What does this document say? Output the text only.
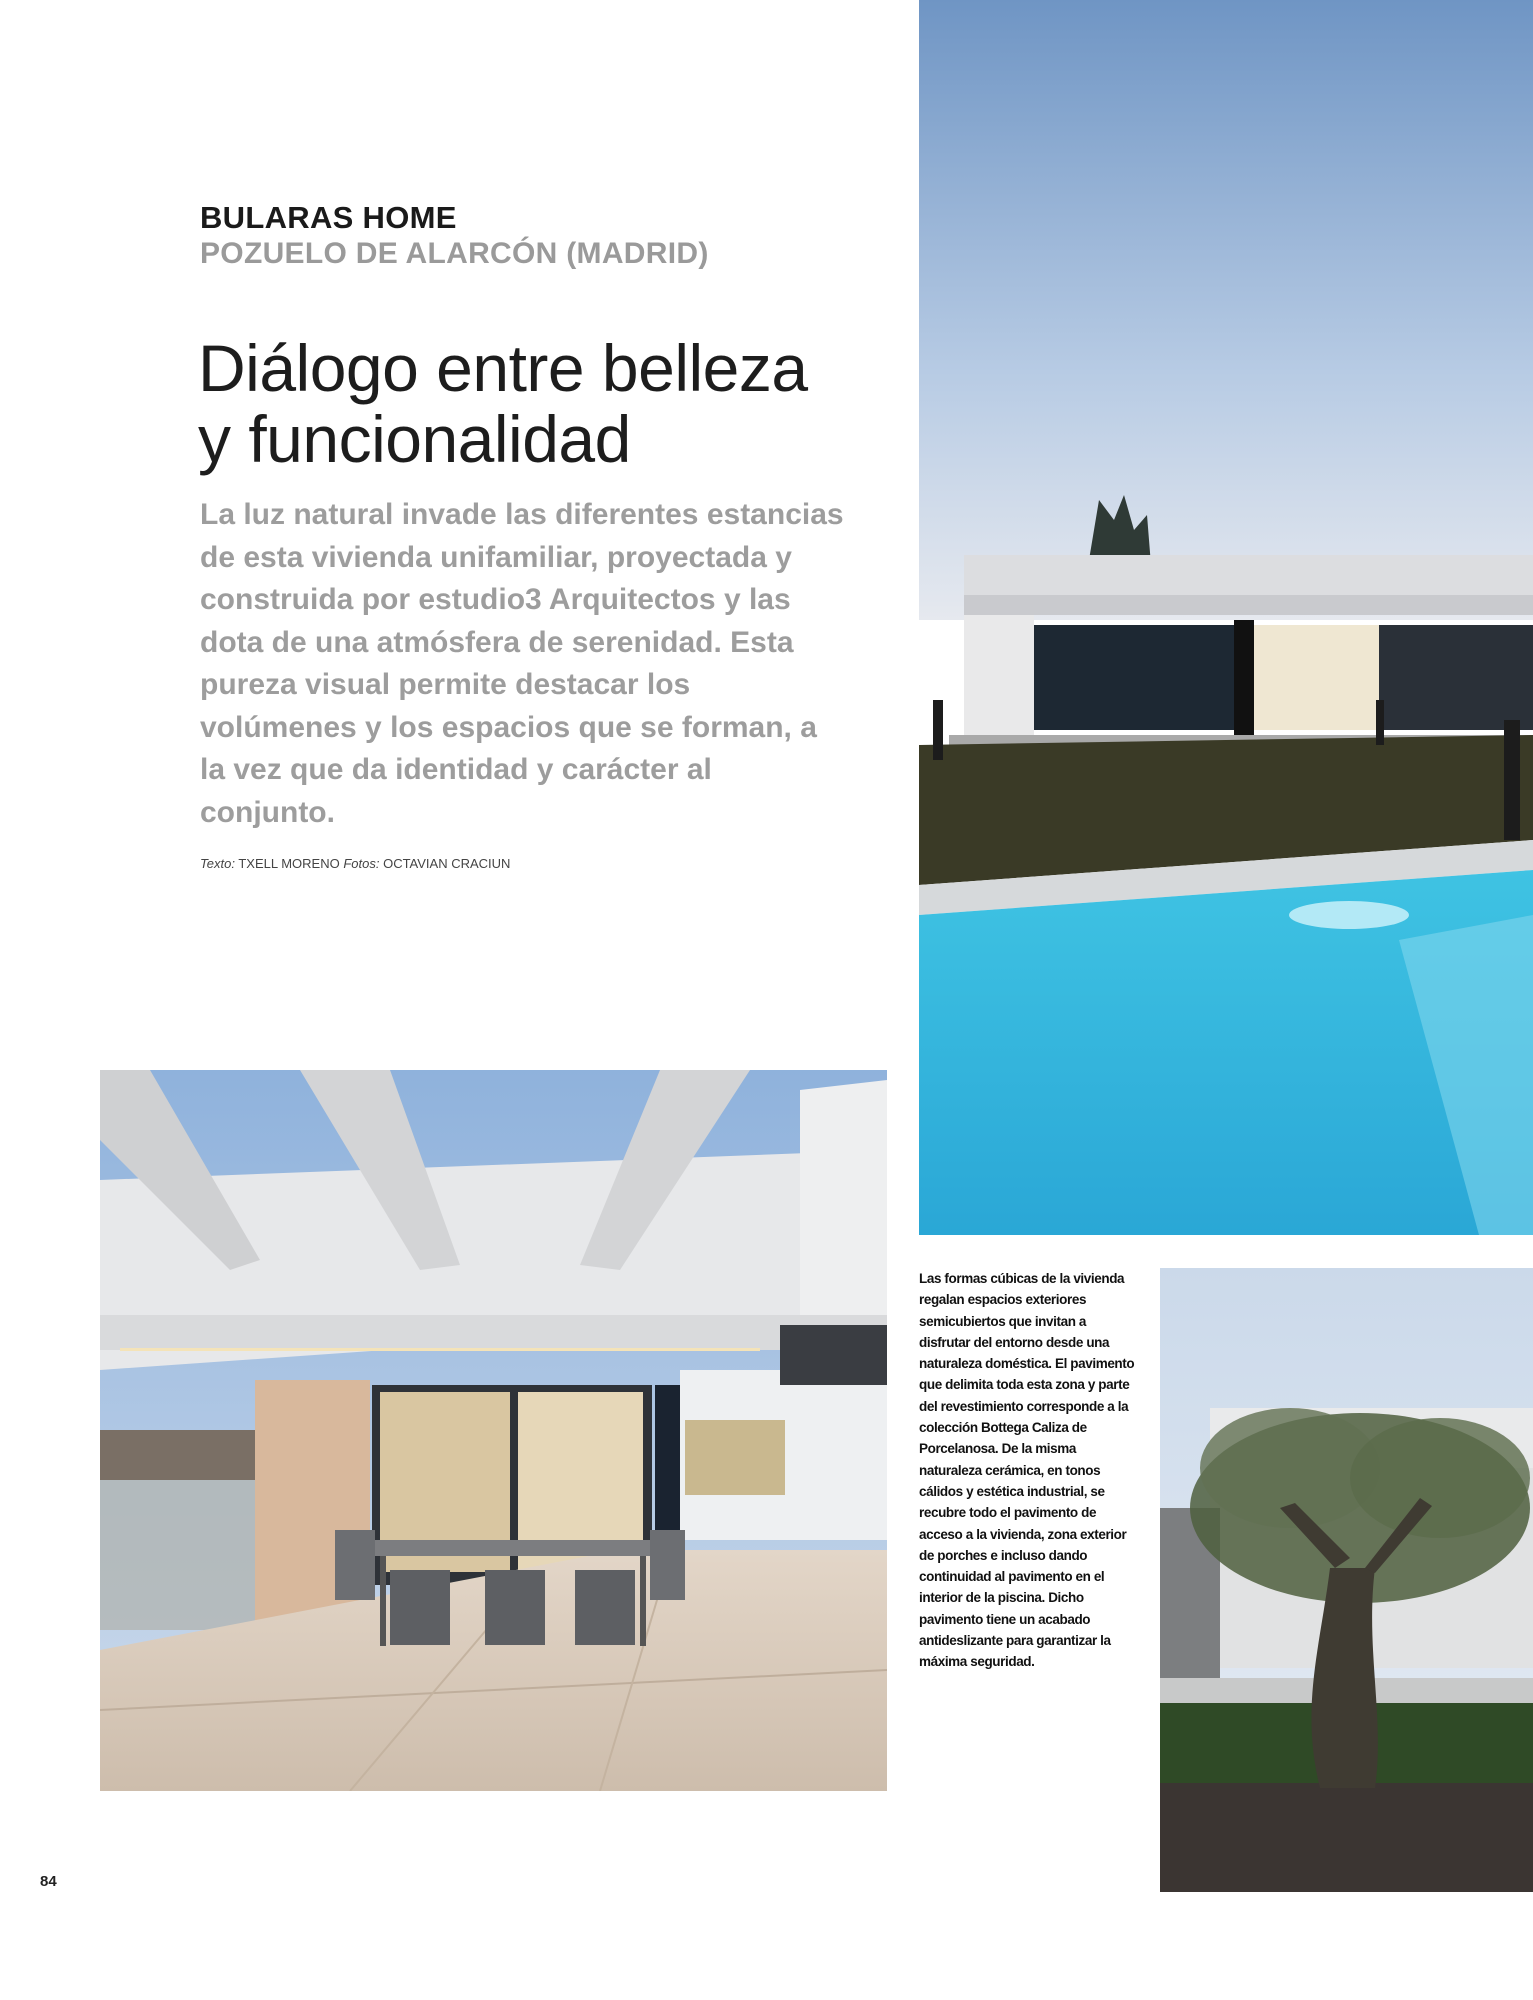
BULARAS HOME
POZUELO DE ALARCÓN (MADRID)
Diálogo entre belleza
y funcionalidad
La luz natural invade las diferentes estancias de esta vivienda unifamiliar, proyectada y construida por estudio3 Arquitectos y las dota de una atmósfera de serenidad. Esta pureza visual permite destacar los volúmenes y los espacios que se forman, a la vez que da identidad y carácter al conjunto.
Texto: TXELL MORENO Fotos: OCTAVIAN CRACIUN
Las formas cúbicas de la vivienda regalan espacios exteriores semicubiertos que invitan a disfrutar del entorno desde una naturaleza doméstica. El pavimento que delimita toda esta zona y parte del revestimiento corresponde a la colección Bottega Caliza de Porcelanosa. De la misma naturaleza cerámica, en tonos cálidos y estética industrial, se recubre todo el pavimento de acceso a la vivienda, zona exterior de porches e incluso dando continuidad al pavimento en el interior de la piscina. Dicho pavimento tiene un acabado antideslizante para garantizar la máxima seguridad.
84
